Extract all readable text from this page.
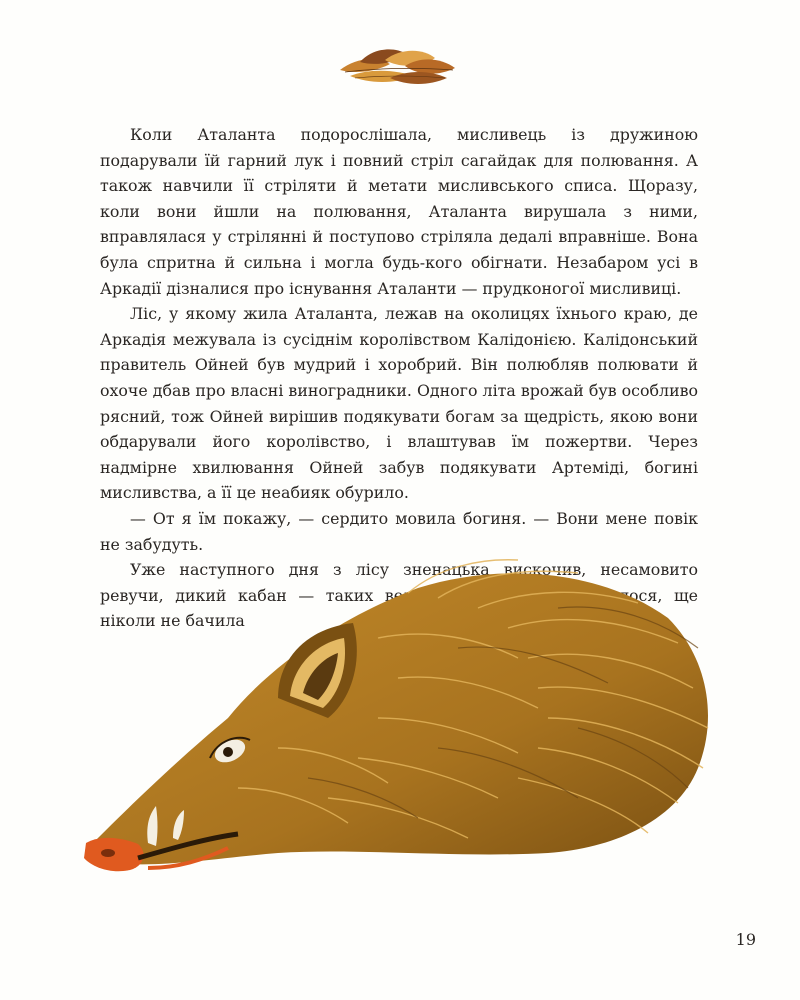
Коли Аталанта подорослішала, мисливець із дружиною подарували їй гарний лук і повний стріл сагайдак для полювання. А також навчили її стріляти й метати мисливського списа. Щоразу, коли вони йшли на полювання, Аталанта вирушала з ними, вправлялася у стрілянні й поступово стріляла дедалі вправніше. Вона була спритна й сильна і могла будь-кого обігнати. Незабаром усі в Аркадії дізналися про існування Аталанти — прудконогої мисливиці.

Ліс, у якому жила Аталанта, лежав на околицях їхнього краю, де Аркадія межувала із сусіднім королівством Калідонією. Калідонський правитель Ойней був мудрий і хоробрий. Він полюбляв полювати й охоче дбав про власні виноградники. Одного літа врожай був особливо рясний, тож Ойней вирішив подякувати богам за щедрість, якою вони обдарували його королівство, і влаштував їм пожертви. Через надмірне хвилювання Ойней забув подякувати Артеміді, богині мисливства, а її це неабияк обурило.

— От я їм покажу, — сердито мовила богиня. — Вони мене повік не забудуть.

Уже наступного дня з лісу зненацька вискочив, несамовито ревучи, дикий кабан — таких величезних кабанів, здавалося, ще ніколи не бачила

19
